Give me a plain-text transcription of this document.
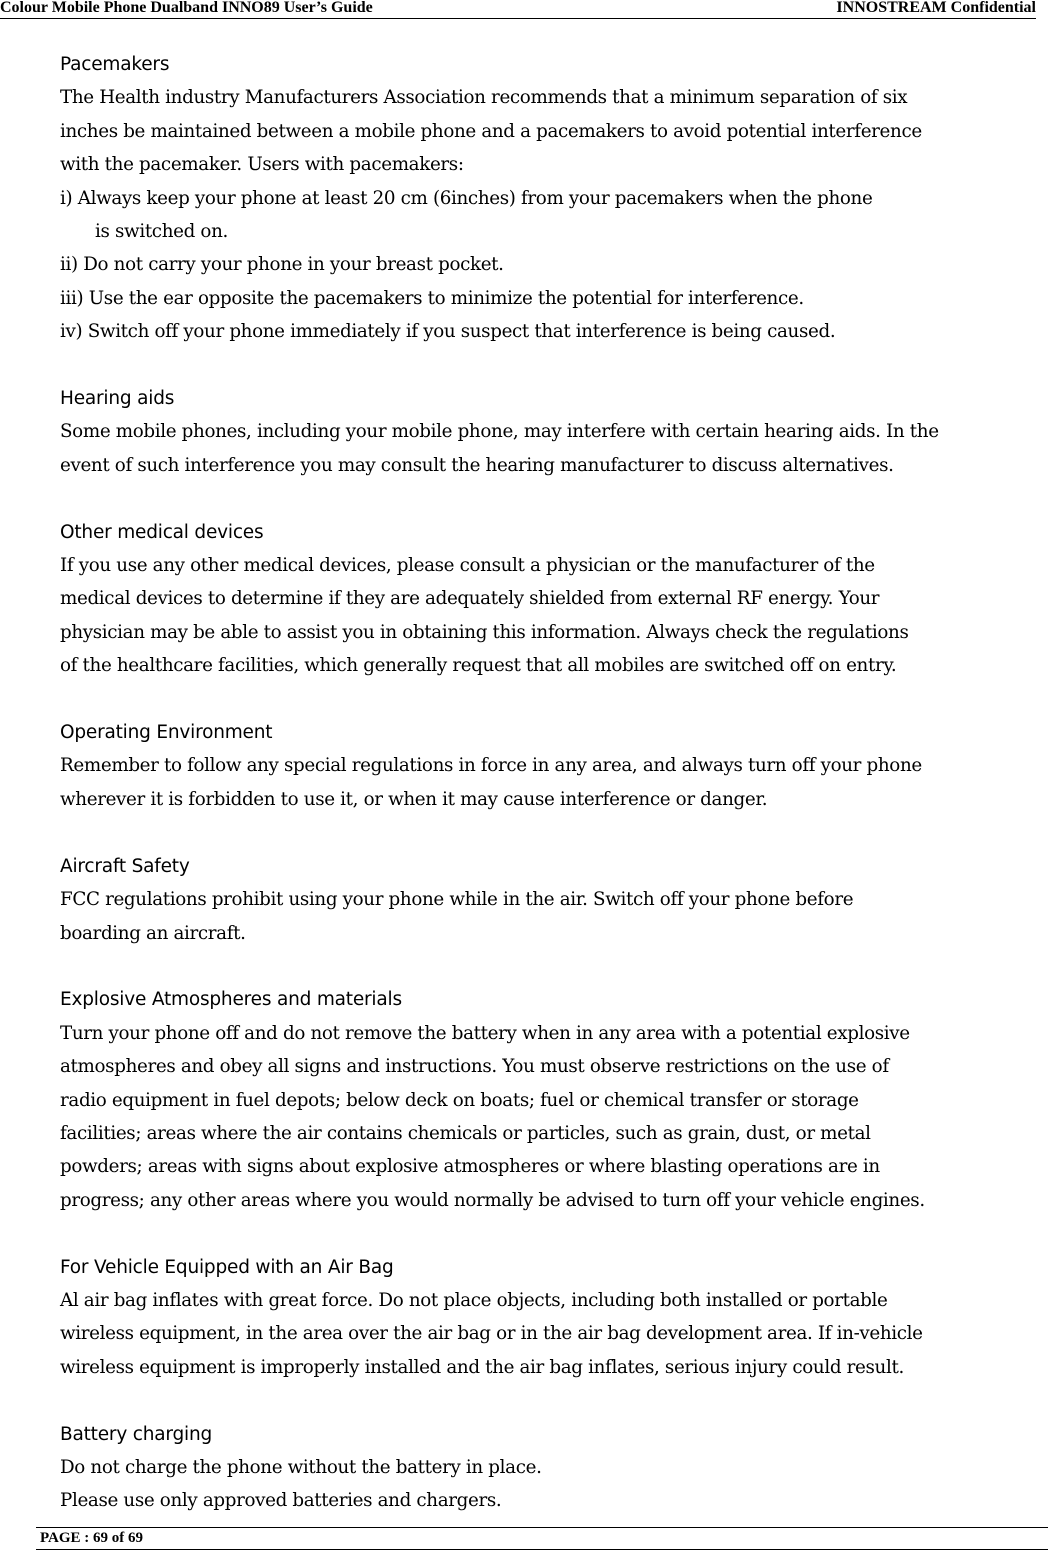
Colour Mobile Phone Dualband INNO89 User’s Guide	INNOSTREAM Confidential
Pacemakers
The Health industry Manufacturers Association recommends that a minimum separation of six
inches be maintained between a mobile phone and a pacemakers to avoid potential interference
with the pacemaker. Users with pacemakers:
i) Always keep your phone at least 20 cm (6inches) from your pacemakers when the phone
is switched on.
ii) Do not carry your phone in your breast pocket.
iii) Use the ear opposite the pacemakers to minimize the potential for interference.
iv) Switch off your phone immediately if you suspect that interference is being caused.
Hearing aids
Some mobile phones, including your mobile phone, may interfere with certain hearing aids. In the
event of such interference you may consult the hearing manufacturer to discuss alternatives.
Other medical devices
If you use any other medical devices, please consult a physician or the manufacturer of the
medical devices to determine if they are adequately shielded from external RF energy. Your
physician may be able to assist you in obtaining this information. Always check the regulations
of the healthcare facilities, which generally request that all mobiles are switched off on entry.
Operating Environment
Remember to follow any special regulations in force in any area, and always turn off your phone
wherever it is forbidden to use it, or when it may cause interference or danger.
Aircraft Safety
FCC regulations prohibit using your phone while in the air. Switch off your phone before
boarding an aircraft.
Explosive Atmospheres and materials
Turn your phone off and do not remove the battery when in any area with a potential explosive
atmospheres and obey all signs and instructions. You must observe restrictions on the use of
radio equipment in fuel depots; below deck on boats; fuel or chemical transfer or storage
facilities; areas where the air contains chemicals or particles, such as grain, dust, or metal
powders; areas with signs about explosive atmospheres or where blasting operations are in
progress; any other areas where you would normally be advised to turn off your vehicle engines.
For Vehicle Equipped with an Air Bag
Al air bag inflates with great force. Do not place objects, including both installed or portable
wireless equipment, in the area over the air bag or in the air bag development area. If in-vehicle
wireless equipment is improperly installed and the air bag inflates, serious injury could result.
Battery charging
Do not charge the phone without the battery in place.
Please use only approved batteries and chargers.
PAGE : 69 of 69
